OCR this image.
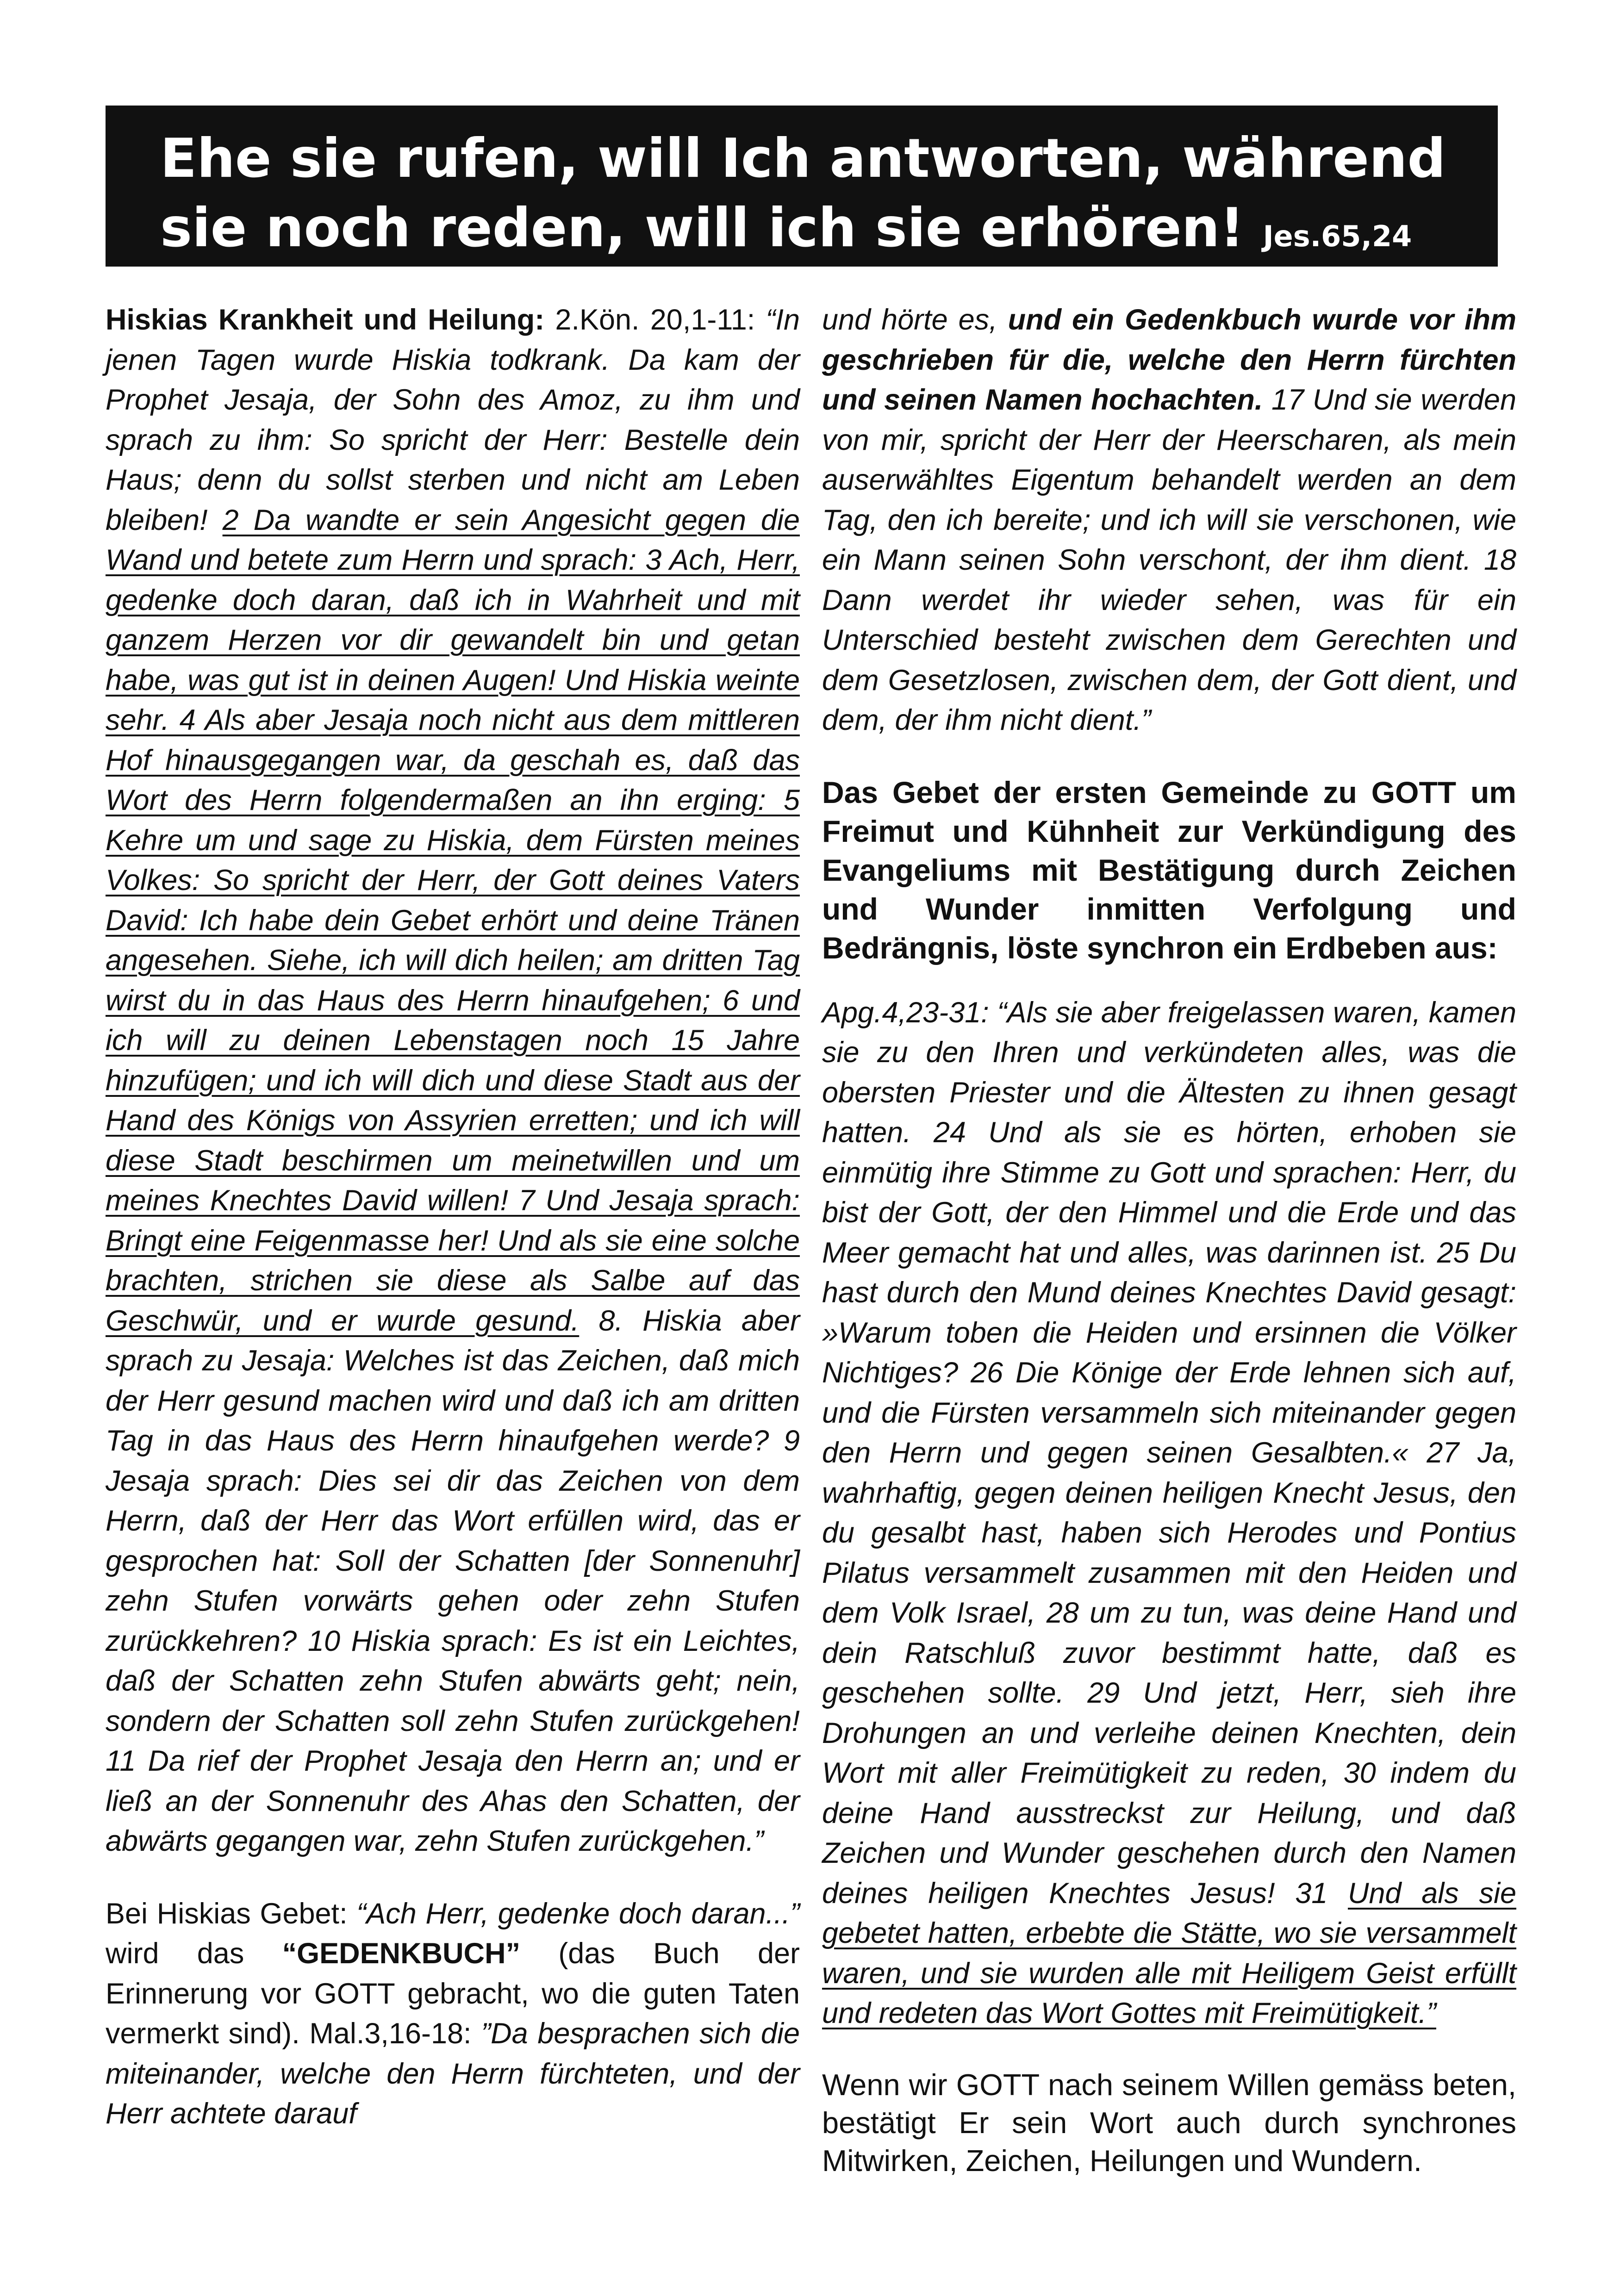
Ehe sie rufen, will Ich antworten, während
sie noch reden, will ich sie erhören! Jes.65,24

Hiskias Krankheit und Heilung: 2.Kön. 20,1-11: “In jenen Tagen wurde Hiskia todkrank. Da kam der Prophet Jesaja, der Sohn des Amoz, zu ihm und sprach zu ihm: So spricht der Herr: Bestelle dein Haus; denn du sollst sterben und nicht am Leben bleiben! 2 Da wandte er sein Angesicht gegen die Wand und betete zum Herrn und sprach: 3 Ach, Herr, gedenke doch daran, daß ich in Wahrheit und mit ganzem Herzen vor dir gewandelt bin und getan habe, was gut ist in deinen Augen! Und Hiskia weinte sehr. 4 Als aber Jesaja noch nicht aus dem mittleren Hof hinausgegangen war, da geschah es, daß das Wort des Herrn folgendermaßen an ihn erging: 5 Kehre um und sage zu Hiskia, dem Fürsten meines Volkes: So spricht der Herr, der Gott deines Vaters David: Ich habe dein Gebet erhört und deine Tränen angesehen. Siehe, ich will dich heilen; am dritten Tag wirst du in das Haus des Herrn hinaufgehen; 6 und ich will zu deinen Lebenstagen noch 15 Jahre hinzufügen; und ich will dich und diese Stadt aus der Hand des Königs von Assyrien erretten; und ich will diese Stadt beschirmen um meinetwillen und um meines Knechtes David willen! 7 Und Jesaja sprach: Bringt eine Feigenmasse her! Und als sie eine solche brachten, strichen sie diese als Salbe auf das Geschwür, und er wurde gesund. 8. Hiskia aber sprach zu Jesaja: Welches ist das Zeichen, daß mich der Herr gesund machen wird und daß ich am dritten Tag in das Haus des Herrn hinaufgehen werde? 9 Jesaja sprach: Dies sei dir das Zeichen von dem Herrn, daß der Herr das Wort erfüllen wird, das er gesprochen hat: Soll der Schatten [der Sonnenuhr] zehn Stufen vorwärts gehen oder zehn Stufen zurückkehren? 10 Hiskia sprach: Es ist ein Leichtes, daß der Schatten zehn Stufen abwärts geht; nein, sondern der Schatten soll zehn Stufen zurückgehen! 11 Da rief der Prophet Jesaja den Herrn an; und er ließ an der Sonnenuhr des Ahas den Schatten, der abwärts gegangen war, zehn Stufen zurückgehen.”

Bei Hiskias Gebet: “Ach Herr, gedenke doch daran...” wird das “GEDENKBUCH” (das Buch der Erinnerung vor GOTT gebracht, wo die guten Taten vermerkt sind). Mal.3,16-18: ”Da besprachen sich die miteinander, welche den Herrn fürchteten, und der Herr achtete darauf

und hörte es, und ein Gedenkbuch wurde vor ihm geschrieben für die, welche den Herrn fürchten und seinen Namen hochachten. 17 Und sie werden von mir, spricht der Herr der Heerscharen, als mein auserwähltes Eigentum behandelt werden an dem Tag, den ich bereite; und ich will sie verschonen, wie ein Mann seinen Sohn verschont, der ihm dient. 18 Dann werdet ihr wieder sehen, was für ein Unterschied besteht zwischen dem Gerechten und dem Gesetzlosen, zwischen dem, der Gott dient, und dem, der ihm nicht dient.”

Das Gebet der ersten Gemeinde zu GOTT um Freimut und Kühnheit zur Verkündigung des Evangeliums mit Bestätigung durch Zeichen und Wunder inmitten Verfolgung und Bedrängnis, löste synchron ein Erdbeben aus:

Apg.4,23-31: “Als sie aber freigelassen waren, kamen sie zu den Ihren und verkündeten alles, was die obersten Priester und die Ältesten zu ihnen gesagt hatten. 24 Und als sie es hörten, erhoben sie einmütig ihre Stimme zu Gott und sprachen: Herr, du bist der Gott, der den Himmel und die Erde und das Meer gemacht hat und alles, was darinnen ist. 25 Du hast durch den Mund deines Knechtes David gesagt: »Warum toben die Heiden und ersinnen die Völker Nichtiges? 26 Die Könige der Erde lehnen sich auf, und die Fürsten versammeln sich miteinander gegen den Herrn und gegen seinen Gesalbten.« 27 Ja, wahrhaftig, gegen deinen heiligen Knecht Jesus, den du gesalbt hast, haben sich Herodes und Pontius Pilatus versammelt zusammen mit den Heiden und dem Volk Israel, 28 um zu tun, was deine Hand und dein Ratschluß zuvor bestimmt hatte, daß es geschehen sollte. 29 Und jetzt, Herr, sieh ihre Drohungen an und verleihe deinen Knechten, dein Wort mit aller Freimütigkeit zu reden, 30 indem du deine Hand ausstreckst zur Heilung, und daß Zeichen und Wunder geschehen durch den Namen deines heiligen Knechtes Jesus! 31 Und als sie gebetet hatten, erbebte die Stätte, wo sie versammelt waren, und sie wurden alle mit Heiligem Geist erfüllt und redeten das Wort Gottes mit Freimütigkeit.”

Wenn wir GOTT nach seinem Willen gemäss beten, bestätigt Er sein Wort auch durch synchrones Mitwirken, Zeichen, Heilungen und Wundern.
